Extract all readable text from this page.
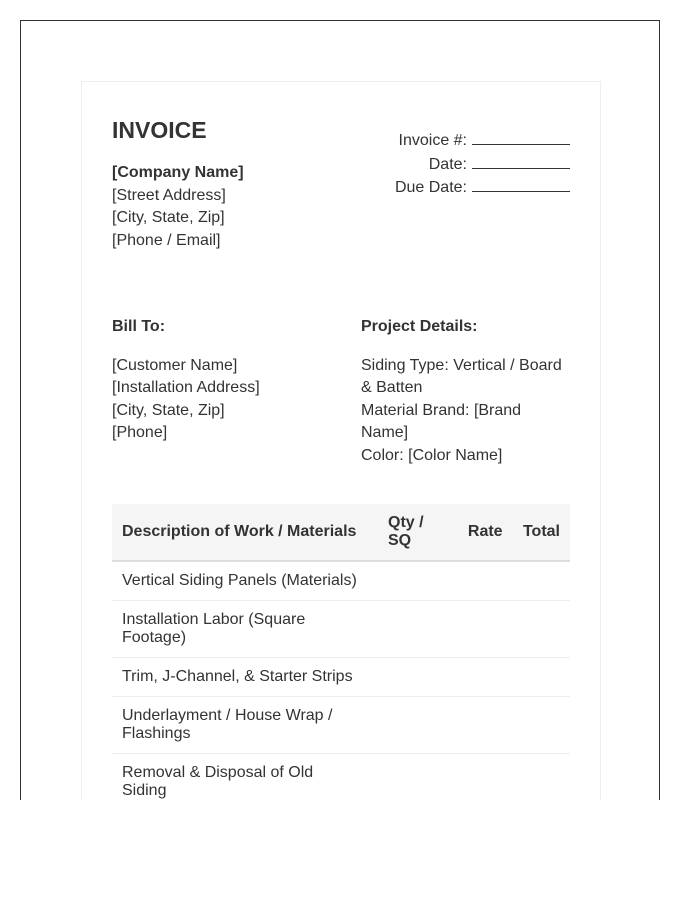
INVOICE
[Company Name]
[Street Address]
[City, State, Zip]
[Phone / Email]
Invoice #:
Date:
Due Date:
Bill To:
[Customer Name]
[Installation Address]
[City, State, Zip]
[Phone]
Project Details:
Siding Type: Vertical / Board & Batten
Material Brand: [Brand Name]
Color: [Color Name]
Description of Work / Materials	Qty / SQ	Rate	Total
Vertical Siding Panels (Materials)			
Installation Labor (Square Footage)			
Trim, J-Channel, & Starter Strips			
Underlayment / House Wrap / Flashings			
Removal & Disposal of Old Siding			
